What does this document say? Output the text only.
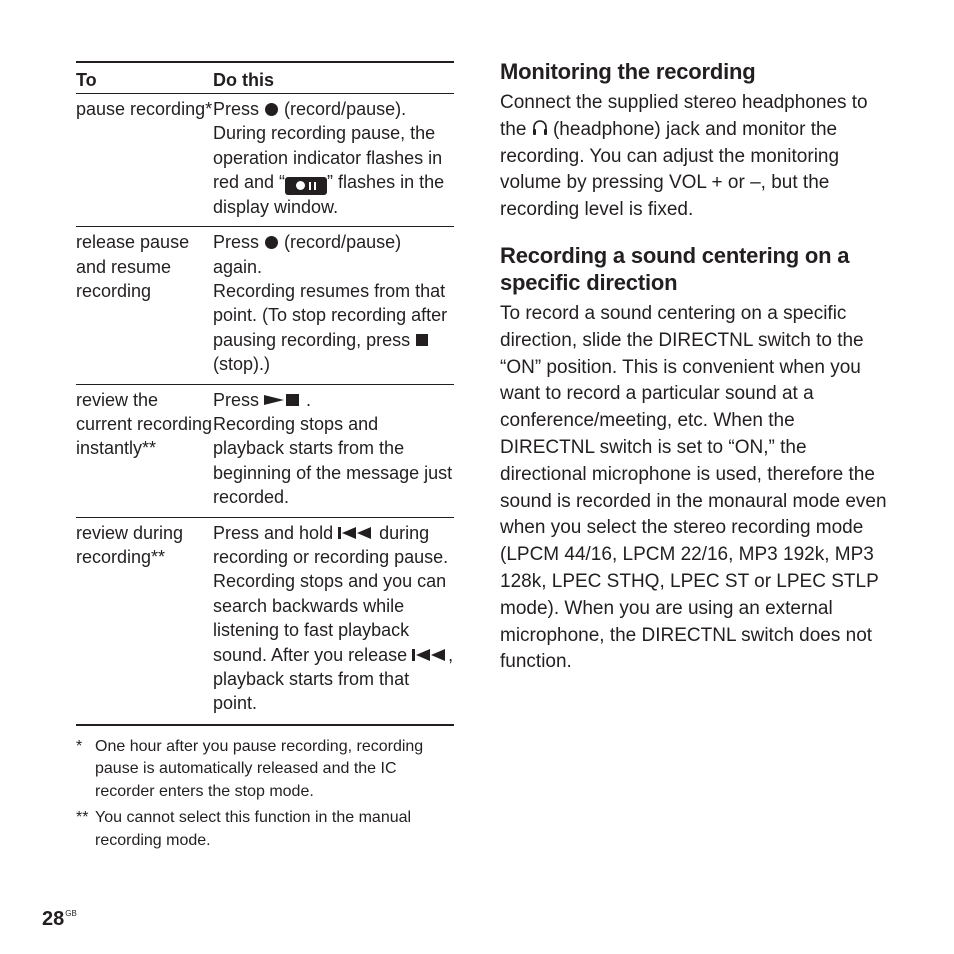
To	Do this
pause recording*	Press (record/pause).
During recording pause, the operation indicator flashes in red and “ ” flashes in the display window.
release pause and resume recording	Press (record/pause) again.
Recording resumes from that point. (To stop recording after pausing recording, press  (stop).)
review the current recording instantly**	Press .
Recording stops and playback starts from the beginning of the message just recorded.
review during recording**	Press and hold during recording or recording pause. Recording stops and you can search backwards while listening to fast playback sound. After you release , playback starts from that point.
* One hour after you pause recording, recording pause is automatically released and the IC recorder enters the stop mode.
** You cannot select this function in the manual recording mode.
Monitoring the recording

Connect the supplied stereo headphones to the (headphone) jack and monitor the recording. You can adjust the monitoring volume by pressing VOL + or –, but the recording level is fixed.

Recording a sound centering on a specific direction

To record a sound centering on a specific direction, slide the DIRECTNL switch to the “ON” position. This is convenient when you want to record a particular sound at a conference/meeting, etc. When the DIRECTNL switch is set to “ON,” the directional microphone is used, therefore the sound is recorded in the monaural mode even when you select the stereo recording mode (LPCM 44/16, LPCM 22/16, MP3 192k, MP3 128k, LPEC STHQ, LPEC ST or LPEC STLP mode). When you are using an external microphone, the DIRECTNL switch does not function.

$28^{GB}$
